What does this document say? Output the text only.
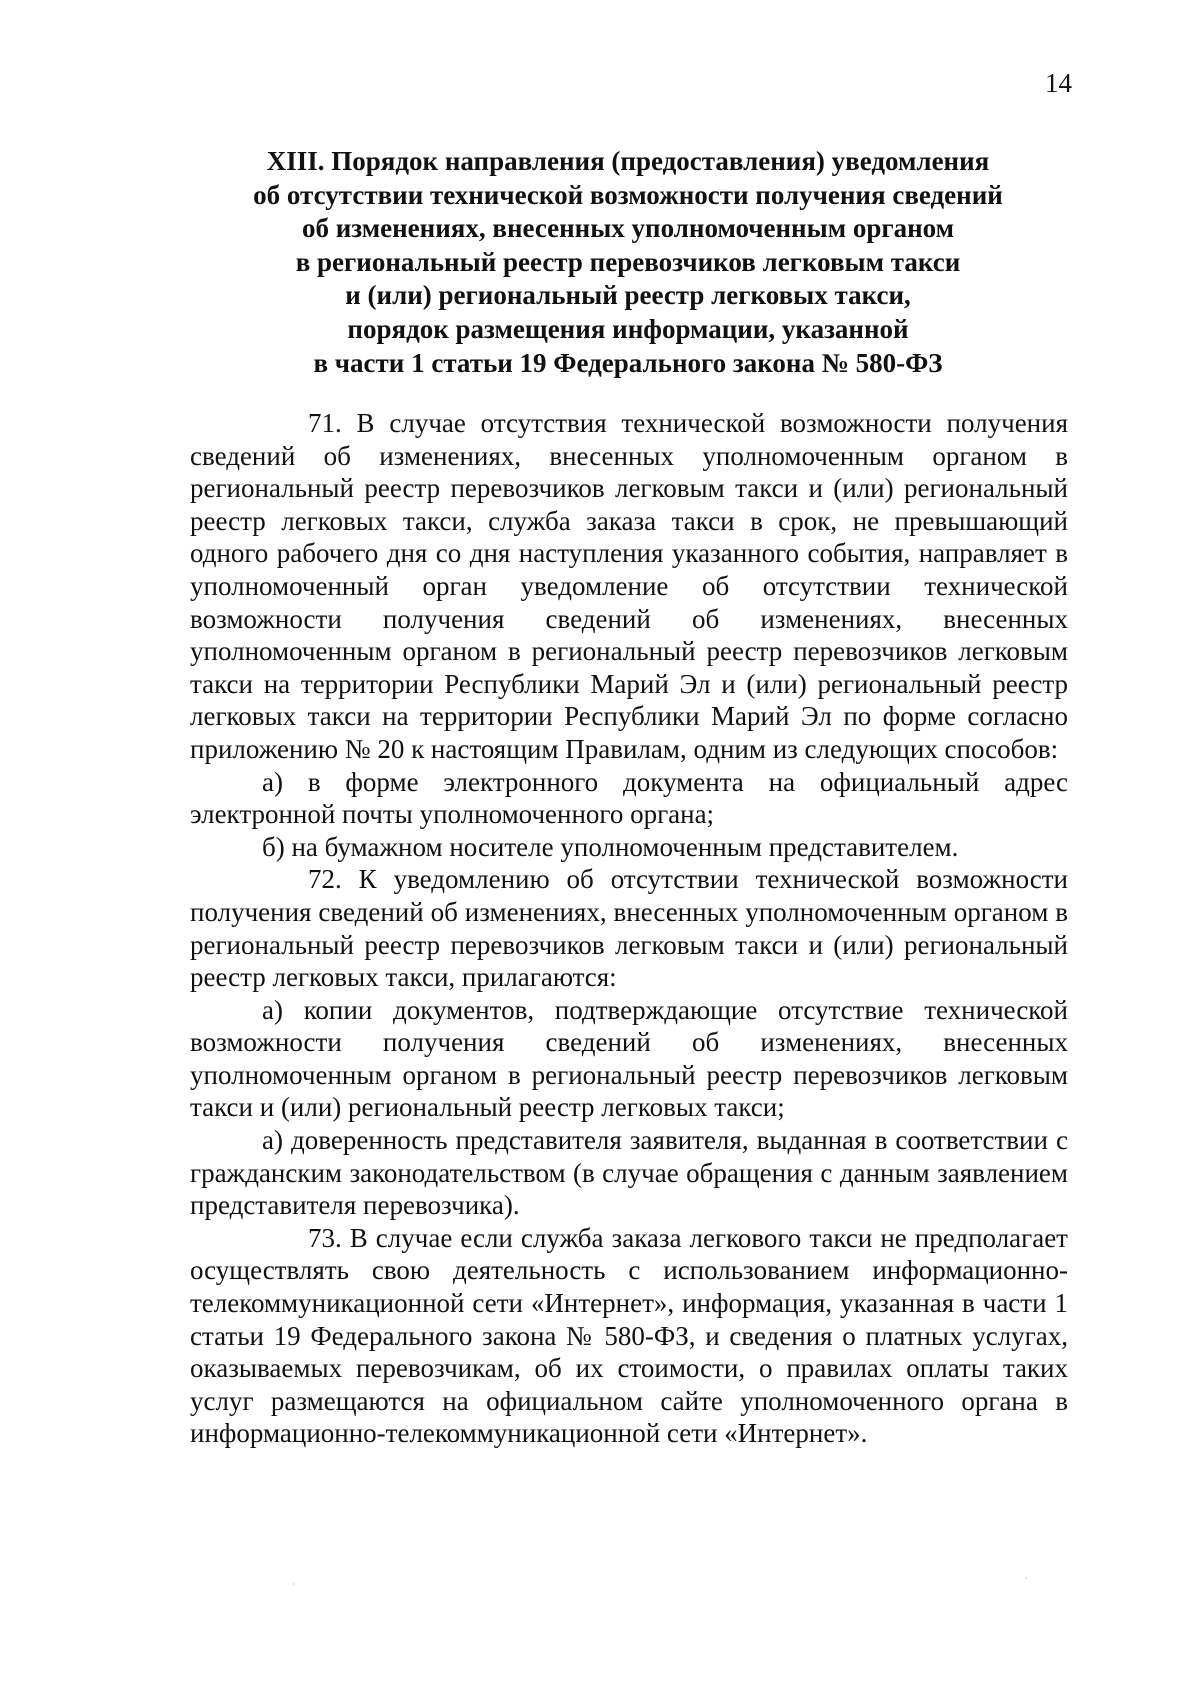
14
XIII. Порядок направления (предоставления) уведомления
об отсутствии технической возможности получения сведений
об изменениях, внесенных уполномоченным органом
в региональный реестр перевозчиков легковым такси
и (или) региональный реестр легковых такси,
порядок размещения информации, указанной
в части 1 статьи 19 Федерального закона № 580-ФЗ

71. В случае отсутствия технической возможности получения сведений об изменениях, внесенных уполномоченным органом в региональный реестр перевозчиков легковым такси и (или) региональный реестр легковых такси, служба заказа такси в срок, не превышающий одного рабочего дня со дня наступления указанного события, направляет в уполномоченный орган уведомление об отсутствии технической возможности получения сведений об изменениях, внесенных уполномоченным органом в региональный реестр перевозчиков легковым такси на территории Республики Марий Эл и (или) региональный реестр легковых такси на территории Республики Марий Эл по форме согласно приложению № 20 к настоящим Правилам, одним из следующих способов:

а) в форме электронного документа на официальный адрес электронной почты уполномоченного органа;

б) на бумажном носителе уполномоченным представителем.

72. К уведомлению об отсутствии технической возможности получения сведений об изменениях, внесенных уполномоченным органом в региональный реестр перевозчиков легковым такси и (или) региональный реестр легковых такси, прилагаются:

а) копии документов, подтверждающие отсутствие технической возможности получения сведений об изменениях, внесенных уполномоченным органом в региональный реестр перевозчиков легковым такси и (или) региональный реестр легковых такси;

а) доверенность представителя заявителя, выданная в соответствии с гражданским законодательством (в случае обращения с данным заявлением представителя перевозчика).

73. В случае если служба заказа легкового такси не предполагает осуществлять свою деятельность с использованием информационно-телекоммуникационной сети «Интернет», информация, указанная в части 1 статьи 19 Федерального закона № 580-ФЗ, и сведения о платных услугах, оказываемых перевозчикам, об их стоимости, о правилах оплаты таких услуг размещаются на официальном сайте уполномоченного органа в информационно-телекоммуникационной сети «Интернет».
